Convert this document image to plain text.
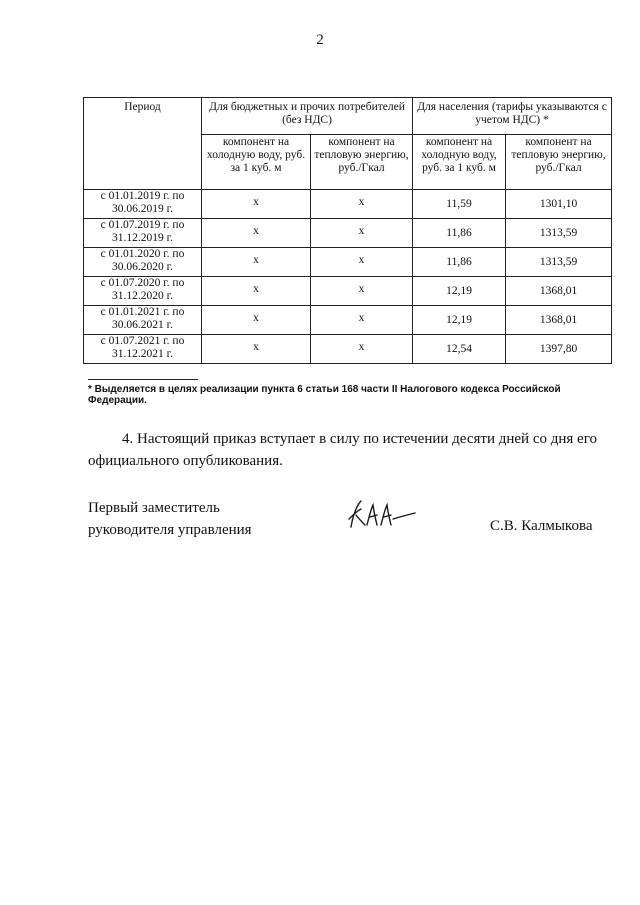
2
Период	Для бюджетных и прочих потребителей (без НДС)		Для населения (тарифы указываются с учетом НДС) *	
	компонент на холодную воду, руб. за 1 куб. м	компонент на тепловую энергию, руб./Гкал	компонент на холодную воду, руб. за 1 куб. м	компонент на тепловую энергию, руб./Гкал
с 01.01.2019 г. по 30.06.2019 г.	х	х	11,59	1301,10
с 01.07.2019 г. по 31.12.2019 г.	х	х	11,86	1313,59
с 01.01.2020 г. по 30.06.2020 г.	х	х	11,86	1313,59
с 01.07.2020 г. по 31.12.2020 г.	х	х	12,19	1368,01
с 01.01.2021 г. по 30.06.2021 г.	х	х	12,19	1368,01
с 01.07.2021 г. по 31.12.2021 г.	х	х	12,54	1397,80
* Выделяется в целях реализации пункта 6 статьи 168 части II Налогового кодекса Российской Федерации.
4. Настоящий приказ вступает в силу по истечении десяти дней со дня его официального опубликования.
Первый заместитель
руководителя управления	С.В. Калмыкова
